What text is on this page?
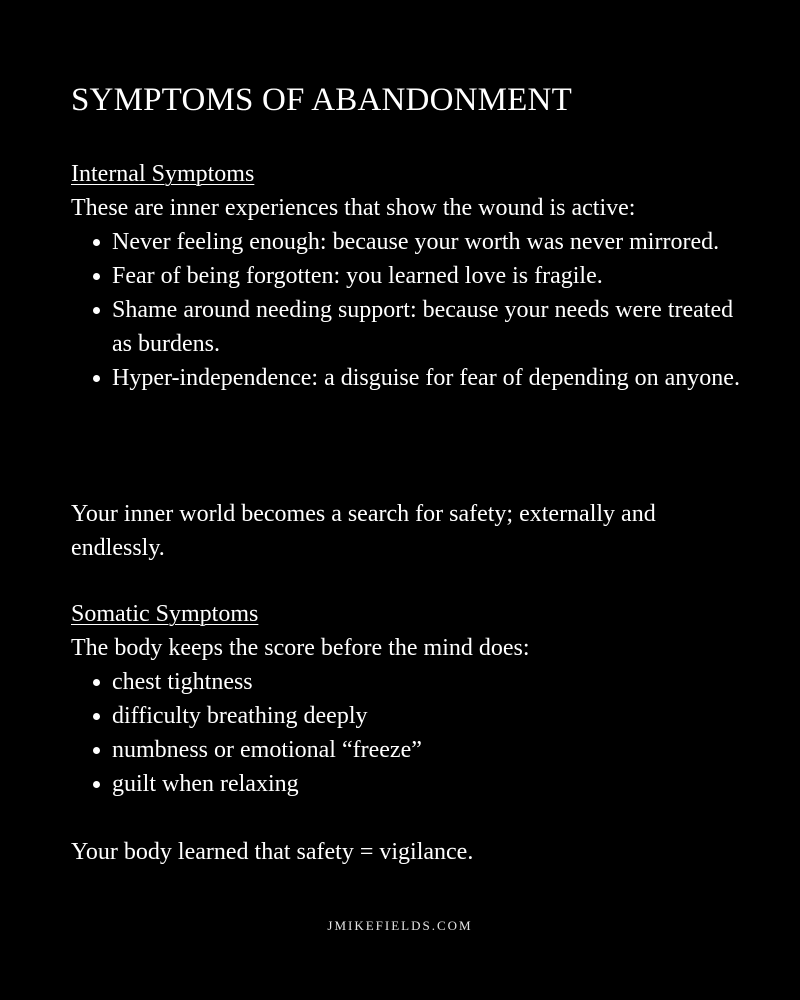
SYMPTOMS OF ABANDONMENT
Internal Symptoms
These are inner experiences that show the wound is active:
Never feeling enough: because your worth was never mirrored.
Fear of being forgotten: you learned love is fragile.
Shame around needing support: because your needs were treated as burdens.
Hyper-independence: a disguise for fear of depending on anyone.

Your inner world becomes a search for safety; externally and endlessly.

Somatic Symptoms
The body keeps the score before the mind does:
chest tightness
difficulty breathing deeply
numbness or emotional “freeze”
guilt when relaxing

Your body learned that safety = vigilance.

JMIKEFIELDS.COM
